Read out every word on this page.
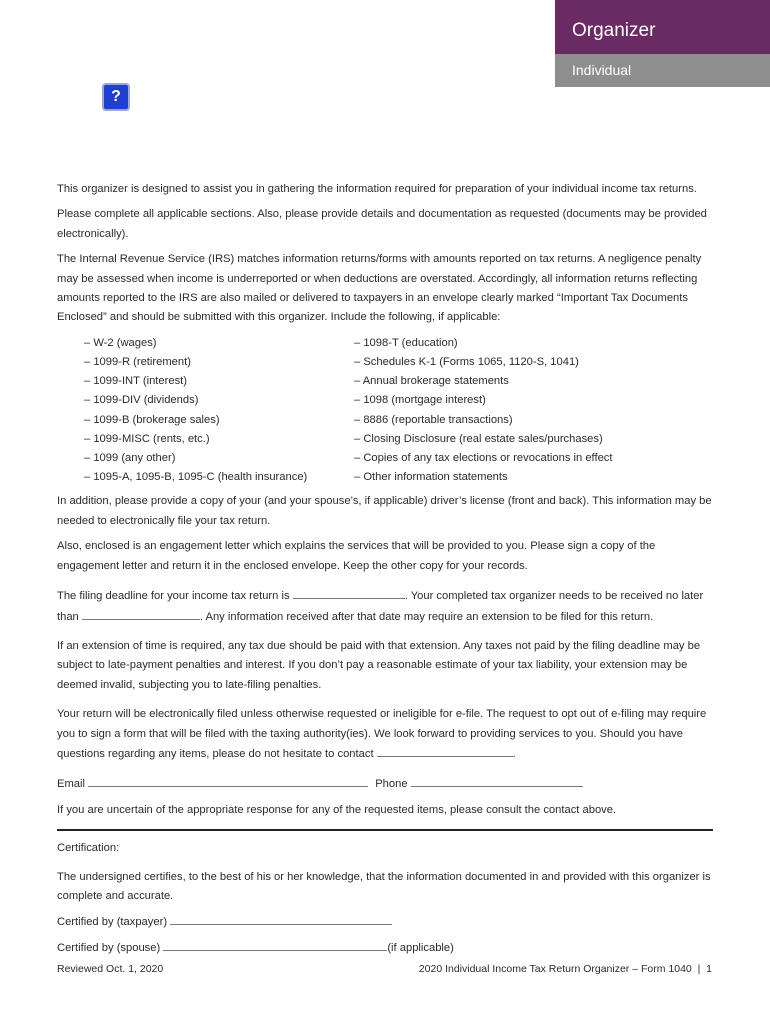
Organizer
Individual
?

This organizer is designed to assist you in gathering the information required for preparation of your individual income tax returns.

Please complete all applicable sections. Also, please provide details and documentation as requested (documents may be provided electronically).

The Internal Revenue Service (IRS) matches information returns/forms with amounts reported on tax returns. A negligence penalty may be assessed when income is underreported or when deductions are overstated. Accordingly, all information returns reflecting amounts reported to the IRS are also mailed or delivered to taxpayers in an envelope clearly marked “Important Tax Documents Enclosed” and should be submitted with this organizer. Include the following, if applicable:

– W-2 (wages)
– 1099-R (retirement)
– 1099-INT (interest)
– 1099-DIV (dividends)
– 1099-B (brokerage sales)
– 1099-MISC (rents, etc.)
– 1099 (any other)
– 1095-A, 1095-B, 1095-C (health insurance)
– 1098-T (education)
– Schedules K-1 (Forms 1065, 1120-S, 1041)
– Annual brokerage statements
– 1098 (mortgage interest)
– 8886 (reportable transactions)
– Closing Disclosure (real estate sales/purchases)
– Copies of any tax elections or revocations in effect
– Other information statements

In addition, please provide a copy of your (and your spouse’s, if applicable) driver’s license (front and back). This information may be needed to electronically file your tax return.

Also, enclosed is an engagement letter which explains the services that will be provided to you. Please sign a copy of the engagement letter and return it in the enclosed envelope. Keep the other copy for your records.

The filing deadline for your income tax return is	. Your completed tax organizer needs to be received no later than	. Any information received after that date may require an extension to be filed for this return.

If an extension of time is required, any tax due should be paid with that extension. Any taxes not paid by the filing deadline may be subject to late-payment penalties and interest. If you don’t pay a reasonable estimate of your tax liability, your extension may be deemed invalid, subjecting you to late-filing penalties.

Your return will be electronically filed unless otherwise requested or ineligible for e-file. The request to opt out of e-filing may require you to sign a form that will be filed with the taxing authority(ies). We look forward to providing services to you. Should you have questions regarding any items, please do not hesitate to contact	.

Email	Phone

If you are uncertain of the appropriate response for any of the requested items, please consult the contact above.

Certification:

The undersigned certifies, to the best of his or her knowledge, that the information documented in and provided with this organizer is complete and accurate.

Certified by (taxpayer)

Certified by (spouse)	(if applicable)

Reviewed Oct. 1, 2020	2020 Individual Income Tax Return Organizer – Form 1040  |  1
